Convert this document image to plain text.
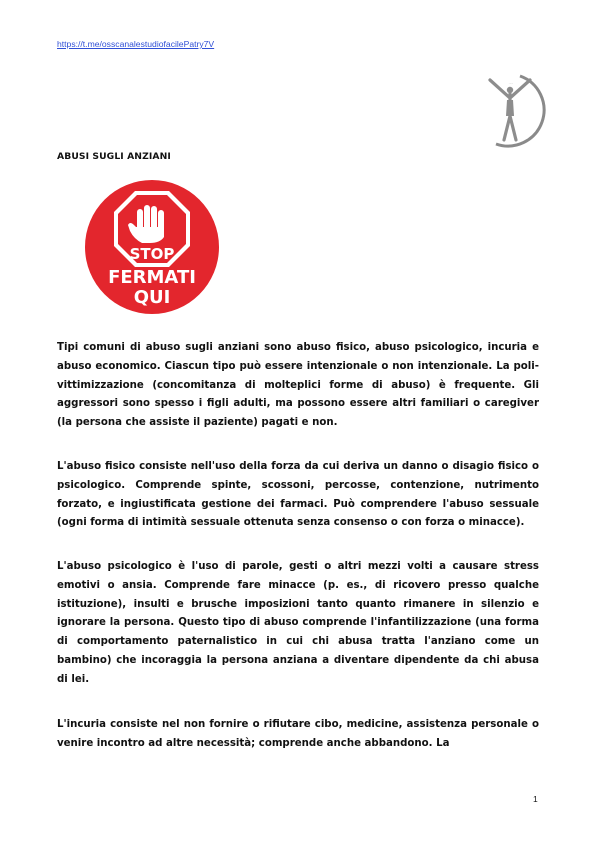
https://t.me/osscanalestudiofacilePatry7V
‧‧‧‧‧
ABUSI SUGLI ANZIANI
STOP
FERMATI
QUI

Tipi comuni di abuso sugli anziani sono abuso fisico, abuso psicologico, incuria e abuso economico. Ciascun tipo può essere intenzionale o non intenzionale. La poli-vittimizzazione (concomitanza di molteplici forme di abuso) è frequente. Gli aggressori sono spesso i figli adulti, ma possono essere altri familiari o caregiver (la persona che assiste il paziente) pagati e non.

L'abuso fisico consiste nell'uso della forza da cui deriva un danno o disagio fisico o psicologico. Comprende spinte, scossoni, percosse, contenzione, nutrimento forzato, e ingiustificata gestione dei farmaci. Può comprendere l'abuso sessuale (ogni forma di intimità sessuale ottenuta senza consenso o con forza o minacce).

L'abuso psicologico è l'uso di parole, gesti o altri mezzi volti a causare stress emotivi o ansia. Comprende fare minacce (p. es., di ricovero presso qualche istituzione), insulti e brusche imposizioni tanto quanto rimanere in silenzio e ignorare la persona. Questo tipo di abuso comprende l'infantilizzazione (una forma di comportamento paternalistico in cui chi abusa tratta l'anziano come un bambino) che incoraggia la persona anziana a diventare dipendente da chi abusa di lei.

L'incuria consiste nel non fornire o rifiutare cibo, medicine, assistenza personale o venire incontro ad altre necessità; comprende anche abbandono. La

1
